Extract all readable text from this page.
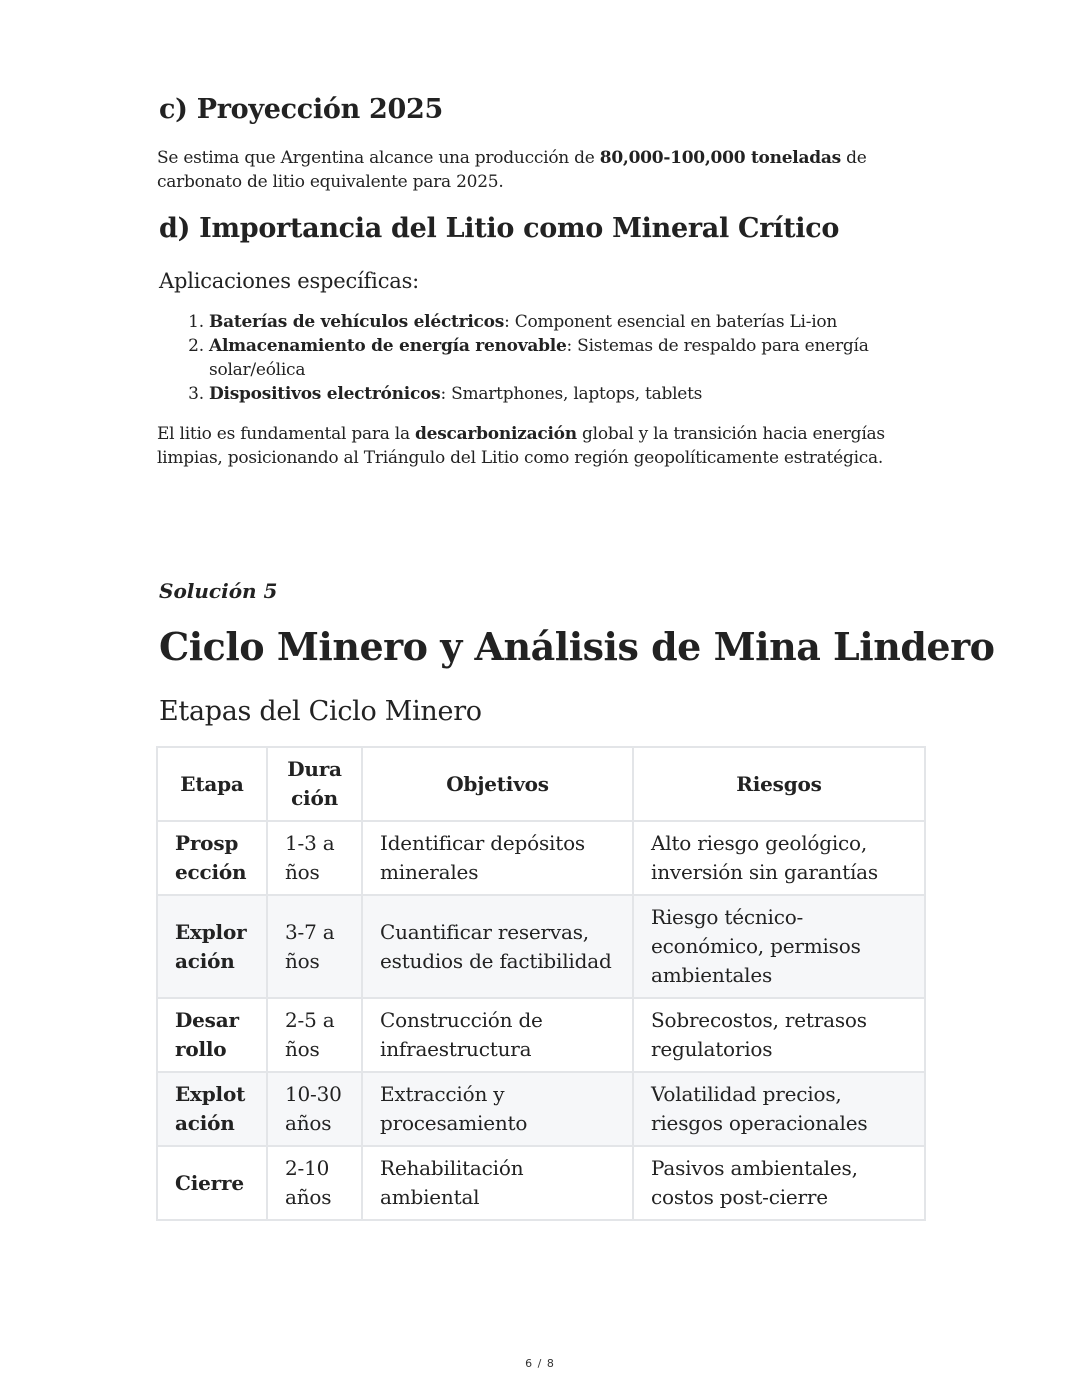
c) Proyección 2025

Se estima que Argentina alcance una producción de 80,000-100,000 toneladas de carbonato de litio equivalente para 2025.

d) Importancia del Litio como Mineral Crítico
Aplicaciones específicas:
1. Baterías de vehículos eléctricos: Component esencial en baterías Li-ion
2. Almacenamiento de energía renovable: Sistemas de respaldo para energía solar/eólica
3. Dispositivos electrónicos: Smartphones, laptops, tablets

El litio es fundamental para la descarbonización global y la transición hacia energías limpias, posicionando al Triángulo del Litio como región geopolíticamente estratégica.

Solución 5
Ciclo Minero y Análisis de Mina Lindero
Etapas del Ciclo Minero
Etapa	Duración	Objetivos	Riesgos
Prospección	1-3 años	Identificar depósitos minerales	Alto riesgo geológico, inversión sin garantías
Exploración	3-7 años	Cuantificar reservas, estudios de factibilidad	Riesgo técnico-económico, permisos ambientales
Desarrollo	2-5 años	Construcción de infraestructura	Sobrecostos, retrasos regulatorios
Explotación	10-30 años	Extracción y procesamiento	Volatilidad precios, riesgos operacionales
Cierre	2-10 años	Rehabilitación ambiental	Pasivos ambientales, costos post-cierre
6 / 8
